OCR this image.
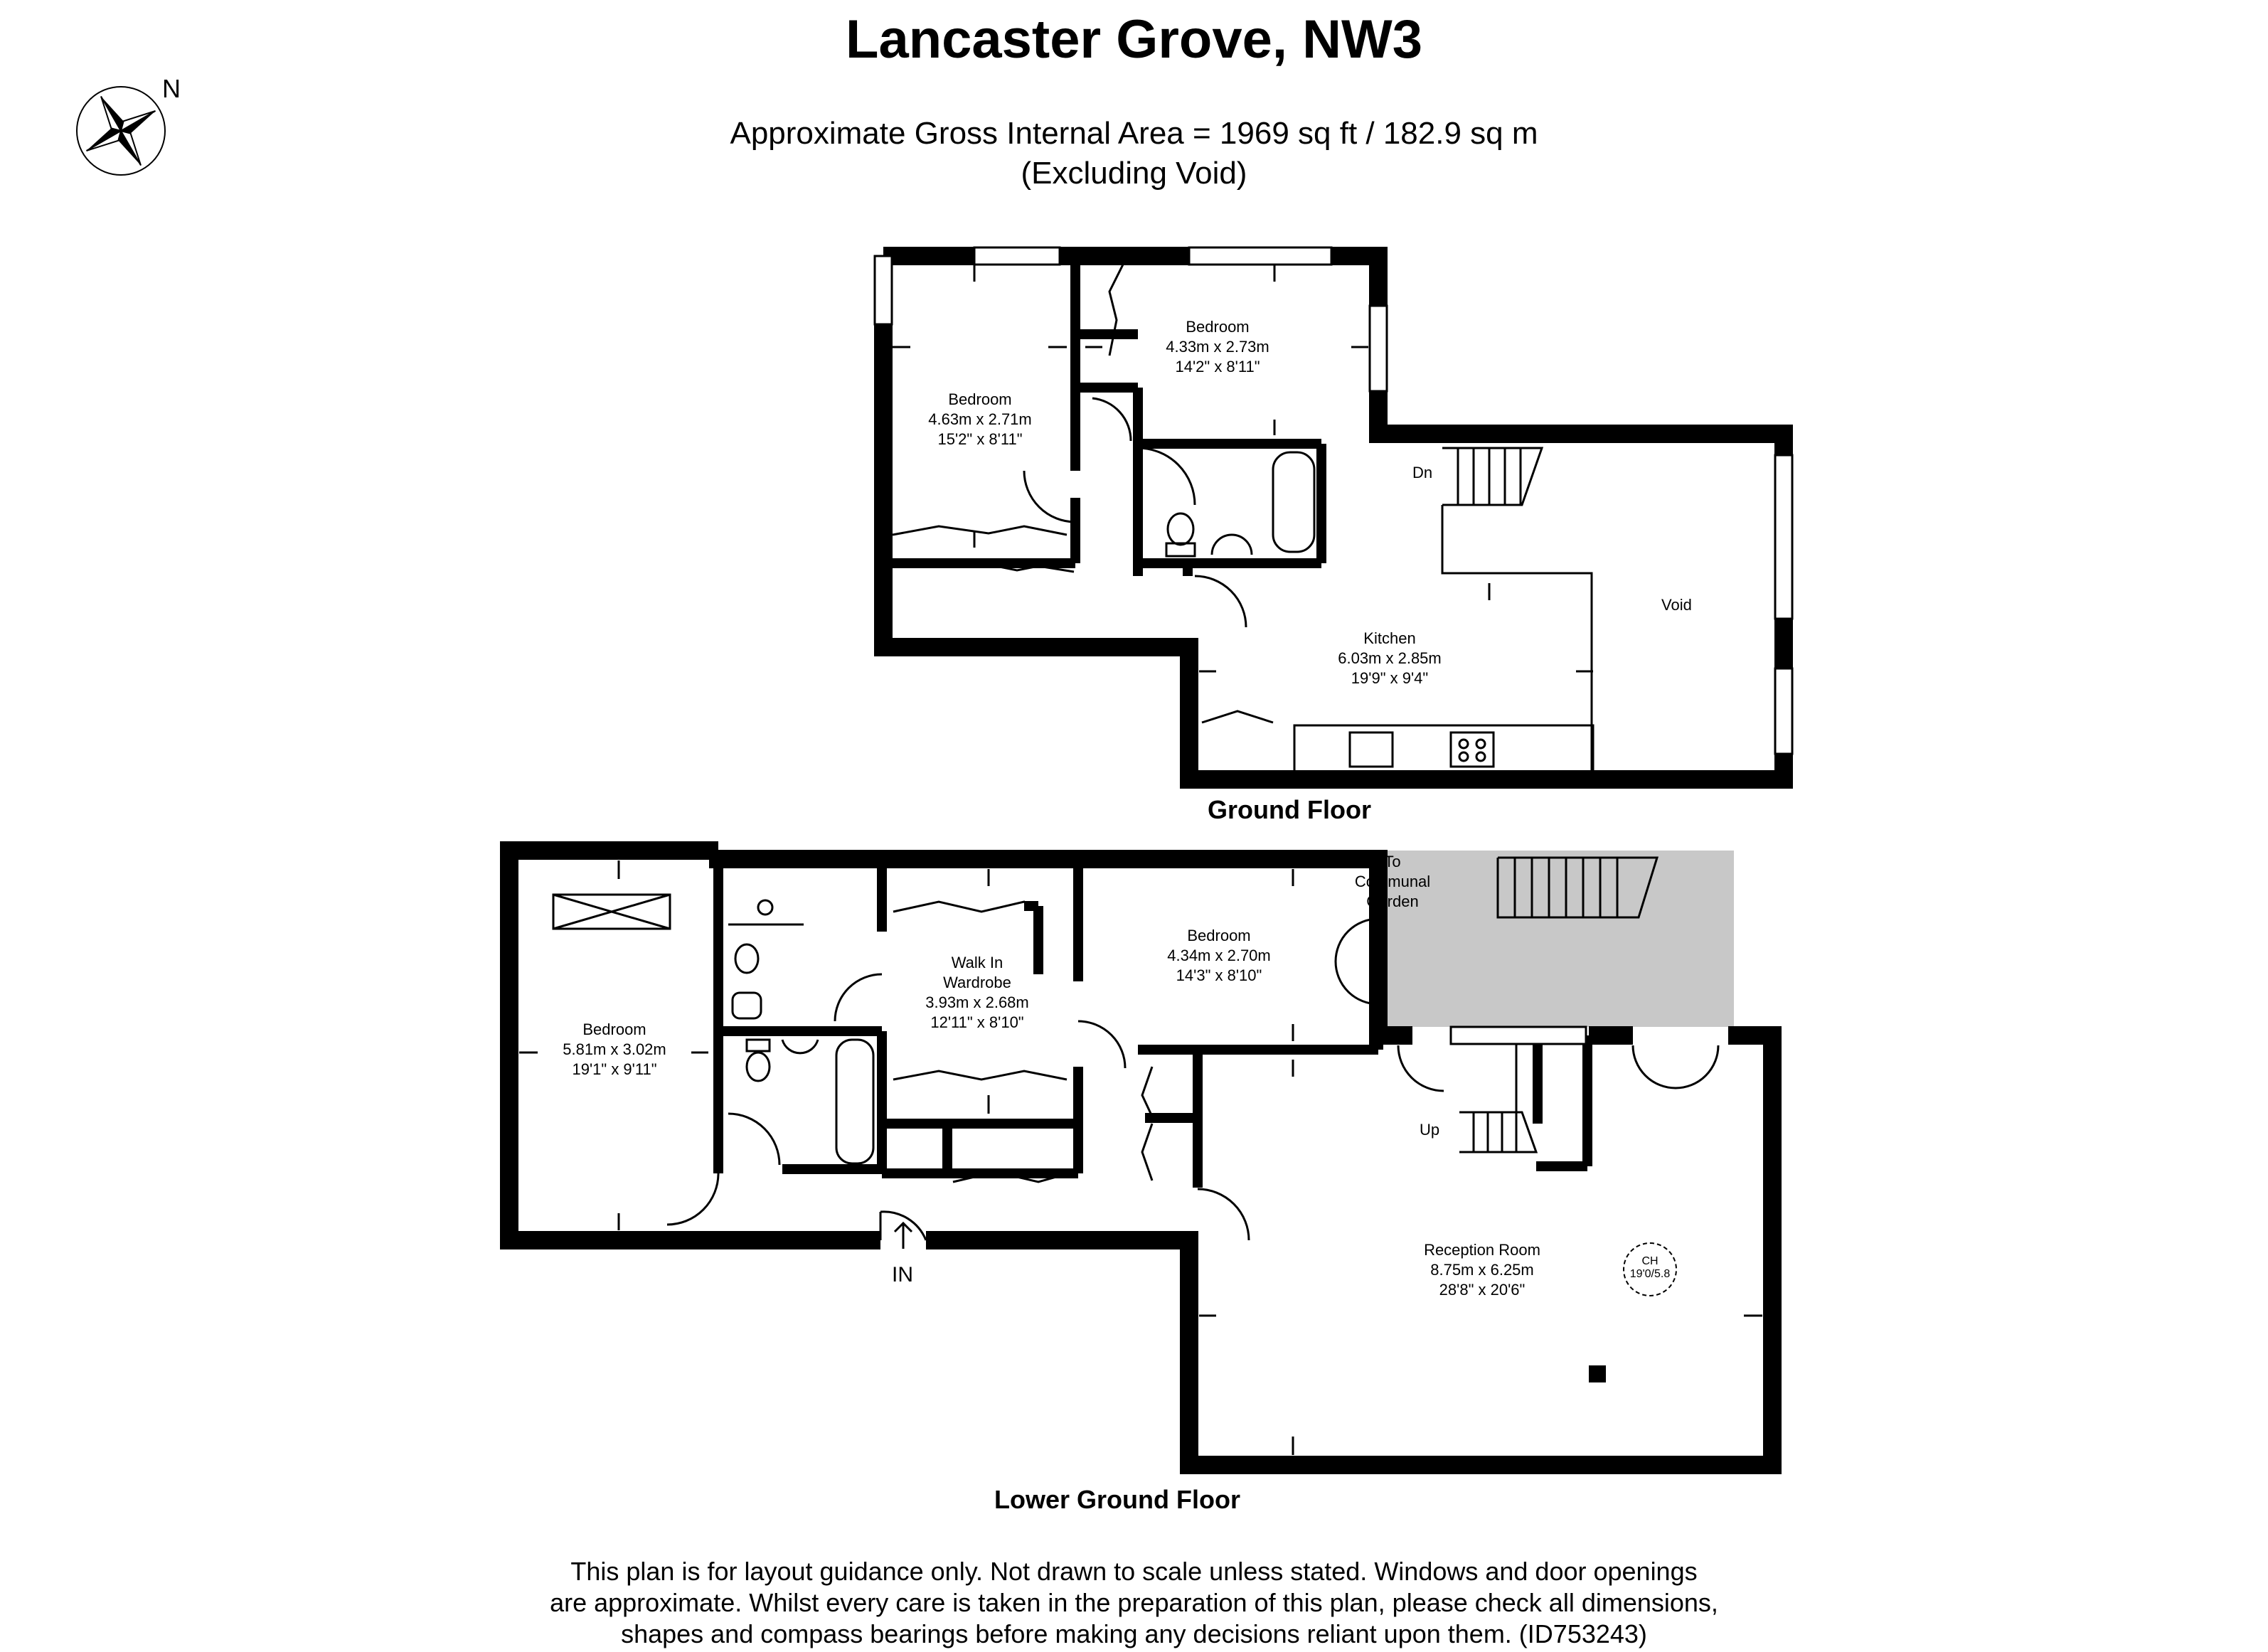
Lancaster Grove, NW3
Approximate Gross Internal Area = 1969 sq ft / 182.9 sq m
(Excluding Void)
N
Bedroom
4.63m x 2.71m
15'2" x 8'11"
Bedroom
4.33m x 2.73m
14'2" x 8'11"
Kitchen
6.03m x 2.85m
19'9" x 9'4"
Void
Dn
Ground Floor
Bedroom
5.81m x 3.02m
19'1" x 9'11"
Walk In
Wardrobe
3.93m x 2.68m
12'11" x 8'10"
Bedroom
4.34m x 2.70m
14'3" x 8'10"
Reception Room
8.75m x 6.25m
28'8" x 20'6"
To
Communal
Garden
Up
IN
CH
19'0/5.8
Lower Ground Floor
This plan is for layout guidance only. Not drawn to scale unless stated. Windows and door openings
are approximate. Whilst every care is taken in the preparation of this plan, please check all dimensions,
shapes and compass bearings before making any decisions reliant upon them. (ID753243)
